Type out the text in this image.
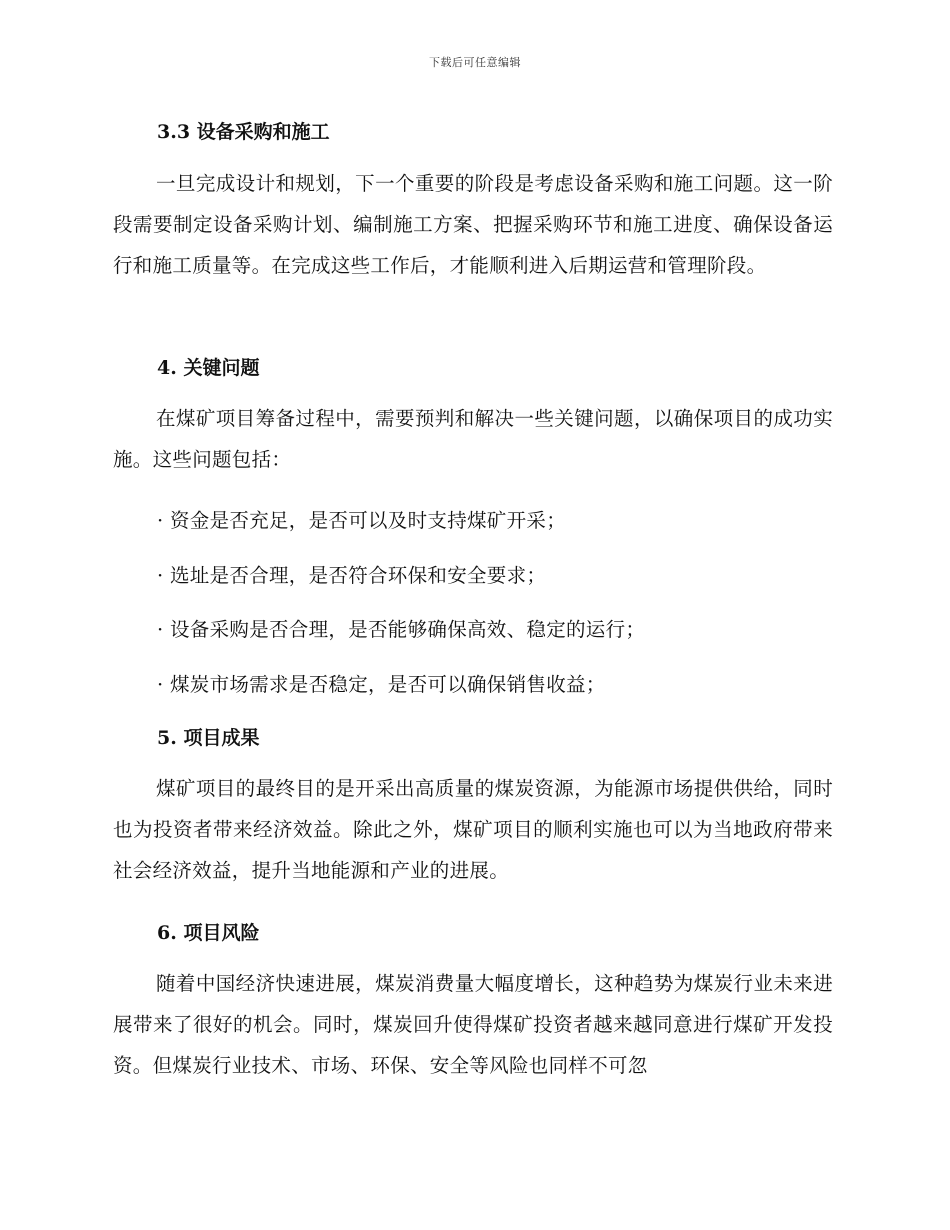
下载后可任意编辑
3.3 设备采购和施工
一旦完成设计和规划，下一个重要的阶段是考虑设备采购和施工问题。这一阶段需要制定设备采购计划、编制施工方案、把握采购环节和施工进度、确保设备运行和施工质量等。在完成这些工作后，才能顺利进入后期运营和管理阶段。
4. 关键问题
在煤矿项目筹备过程中，需要预判和解决一些关键问题，以确保项目的成功实施。这些问题包括：
· 资金是否充足，是否可以及时支持煤矿开采；
· 选址是否合理，是否符合环保和安全要求；
· 设备采购是否合理，是否能够确保高效、稳定的运行；
· 煤炭市场需求是否稳定，是否可以确保销售收益；
5. 项目成果
煤矿项目的最终目的是开采出高质量的煤炭资源，为能源市场提供供给，同时也为投资者带来经济效益。除此之外，煤矿项目的顺利实施也可以为当地政府带来社会经济效益，提升当地能源和产业的进展。
6. 项目风险
随着中国经济快速进展，煤炭消费量大幅度增长，这种趋势为煤炭行业未来进展带来了很好的机会。同时，煤炭回升使得煤矿投资者越来越同意进行煤矿开发投资。但煤炭行业技术、市场、环保、安全等风险也同样不可忽
